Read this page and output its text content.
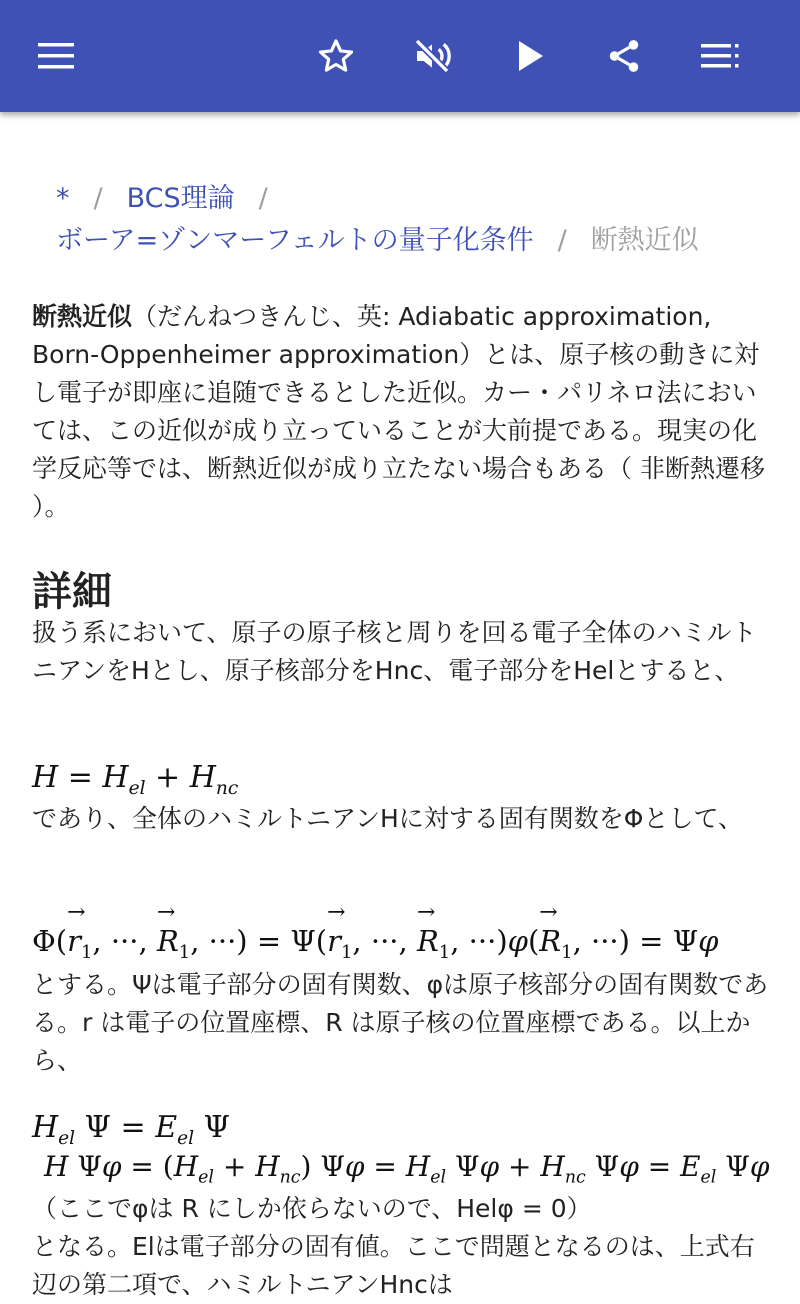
* / BCS理論 /
ボーア=ゾンマーフェルトの量子化条件 / 断熱近似
断熱近似（だんねつきんじ、英: Adiabatic approximation, Born-Oppenheimer approximation）とは、原子核の動きに対し電子が即座に追随できるとした近似。カー・パリネロ法においては、この近似が成り立っていることが大前提である。現実の化学反応等では、断熱近似が成り立たない場合もある（ 非断熱遷移 ）。
詳細
扱う系において、原子の原子核と周りを回る電子全体のハミルトニアンをHとし、原子核部分をHnc、電子部分をHelとすると、
$H = H_{el} + H_{nc}$
であり、全体のハミルトニアンHに対する固有関数をΦとして、
$\Phi(\to r_1$, ···, → $R_1$, ···) = $\Psi(\to r_1$, ···, → $R_1$, $\cdot\cdot\cdot)\varphi(\to R_1$, ···) = Ψφ
とする。Ψは電子部分の固有関数、φは原子核部分の固有関数である。r は電子の位置座標、R は原子核の位置座標である。以上から、
$H_{el}$ $\Psi = E_{el}$ Ψ
H $\Psi\varphi = (H_{el} + H_{nc}) \Psi\varphi = H_{el}$ $\Psi\varphi + H_{nc}$ $\Psi\varphi = E_{el}$ Ψφ
（ここでφは R にしか依らないので、Helφ = 0）
となる。Elは電子部分の固有値。ここで問題となるのは、上式右辺の第二項で、ハミルトニアンHncは
